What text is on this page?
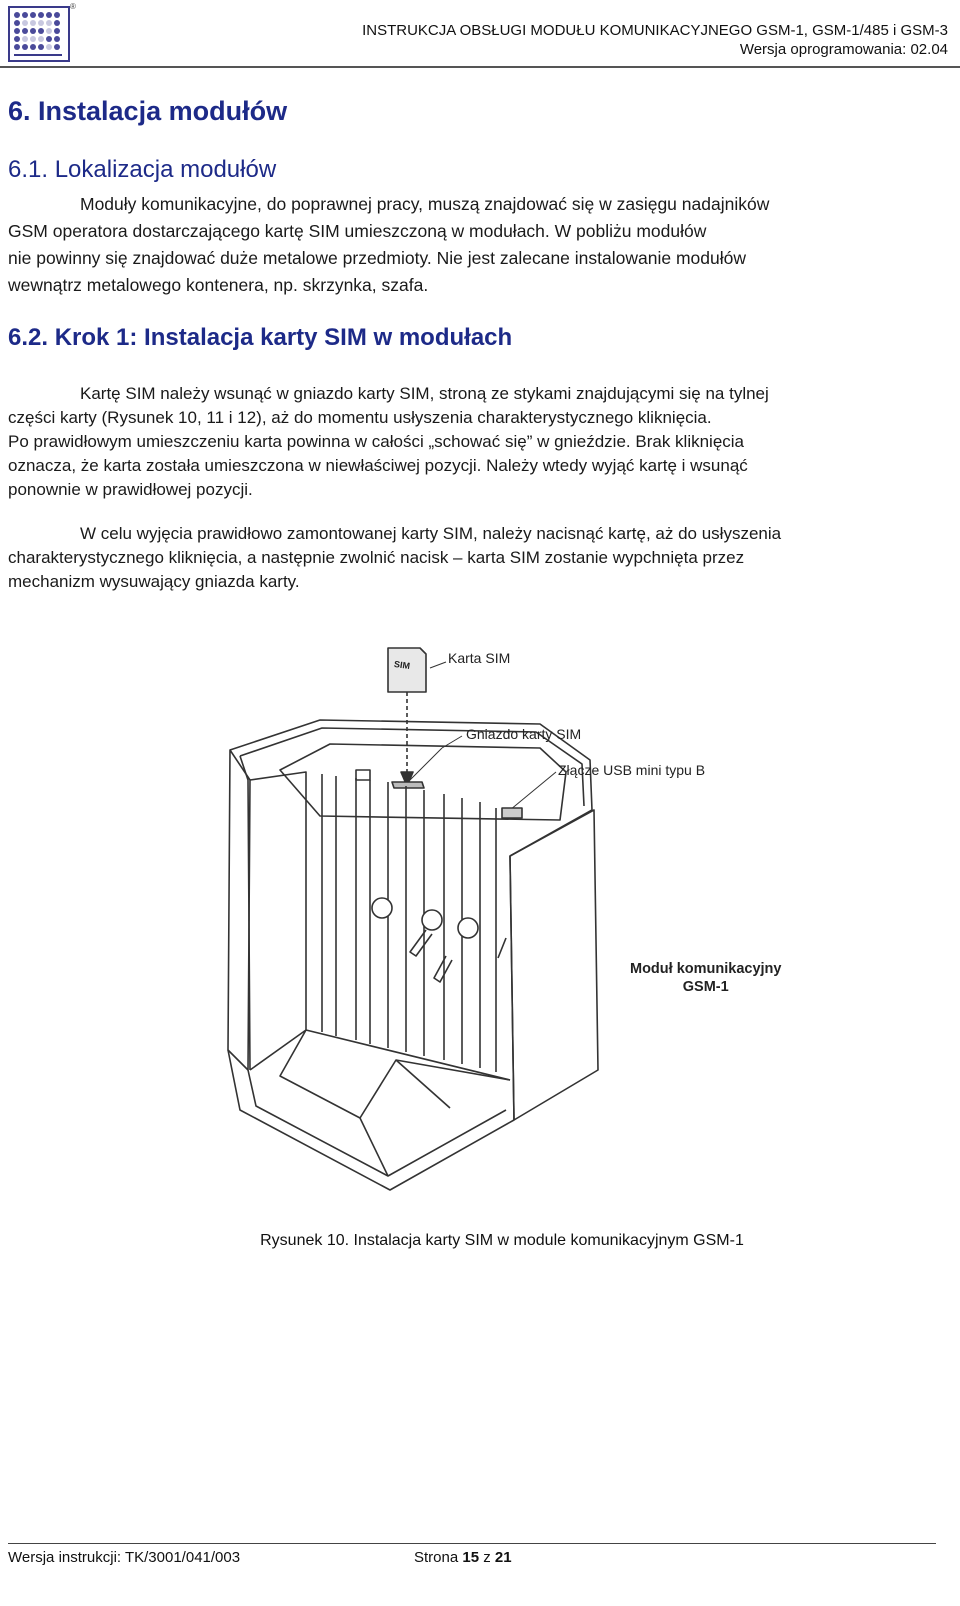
®
INSTRUKCJA OBSŁUGI MODUŁU KOMUNIKACYJNEGO GSM-1, GSM-1/485 i GSM-3
Wersja oprogramowania: 02.04
6. Instalacja modułów
6.1. Lokalizacja modułów
Moduły komunikacyjne, do poprawnej pracy, muszą znajdować się w zasięgu nadajników
GSM operatora dostarczającego kartę SIM umieszczoną w modułach. W pobliżu modułów
nie powinny się znajdować duże metalowe przedmioty. Nie jest zalecane instalowanie modułów
wewnątrz metalowego kontenera, np. skrzynka, szafa.
6.2. Krok 1: Instalacja karty SIM w modułach
Kartę SIM należy wsunąć w gniazdo karty SIM, stroną ze stykami znajdującymi się na tylnej
części karty (Rysunek 10, 11 i 12), aż do momentu usłyszenia charakterystycznego kliknięcia.
Po prawidłowym umieszczeniu karta powinna w całości „schować się” w gnieździe. Brak kliknięcia
oznacza, że karta została umieszczona w niewłaściwej pozycji. Należy wtedy wyjąć kartę i wsunąć
ponownie w prawidłowej pozycji.
W celu wyjęcia prawidłowo zamontowanej karty SIM, należy nacisnąć kartę, aż do usłyszenia
charakterystycznego kliknięcia, a następnie zwolnić nacisk – karta SIM zostanie wypchnięta przez
mechanizm wysuwający gniazda karty.
Karta SIM
Gniazdo karty SIM
Złącze USB mini typu B
Moduł komunikacyjny
GSM-1
SIM
Rysunek 10. Instalacja karty SIM w module komunikacyjnym GSM-1
Wersja instrukcji: TK/3001/041/003	Strona 15 z 21
